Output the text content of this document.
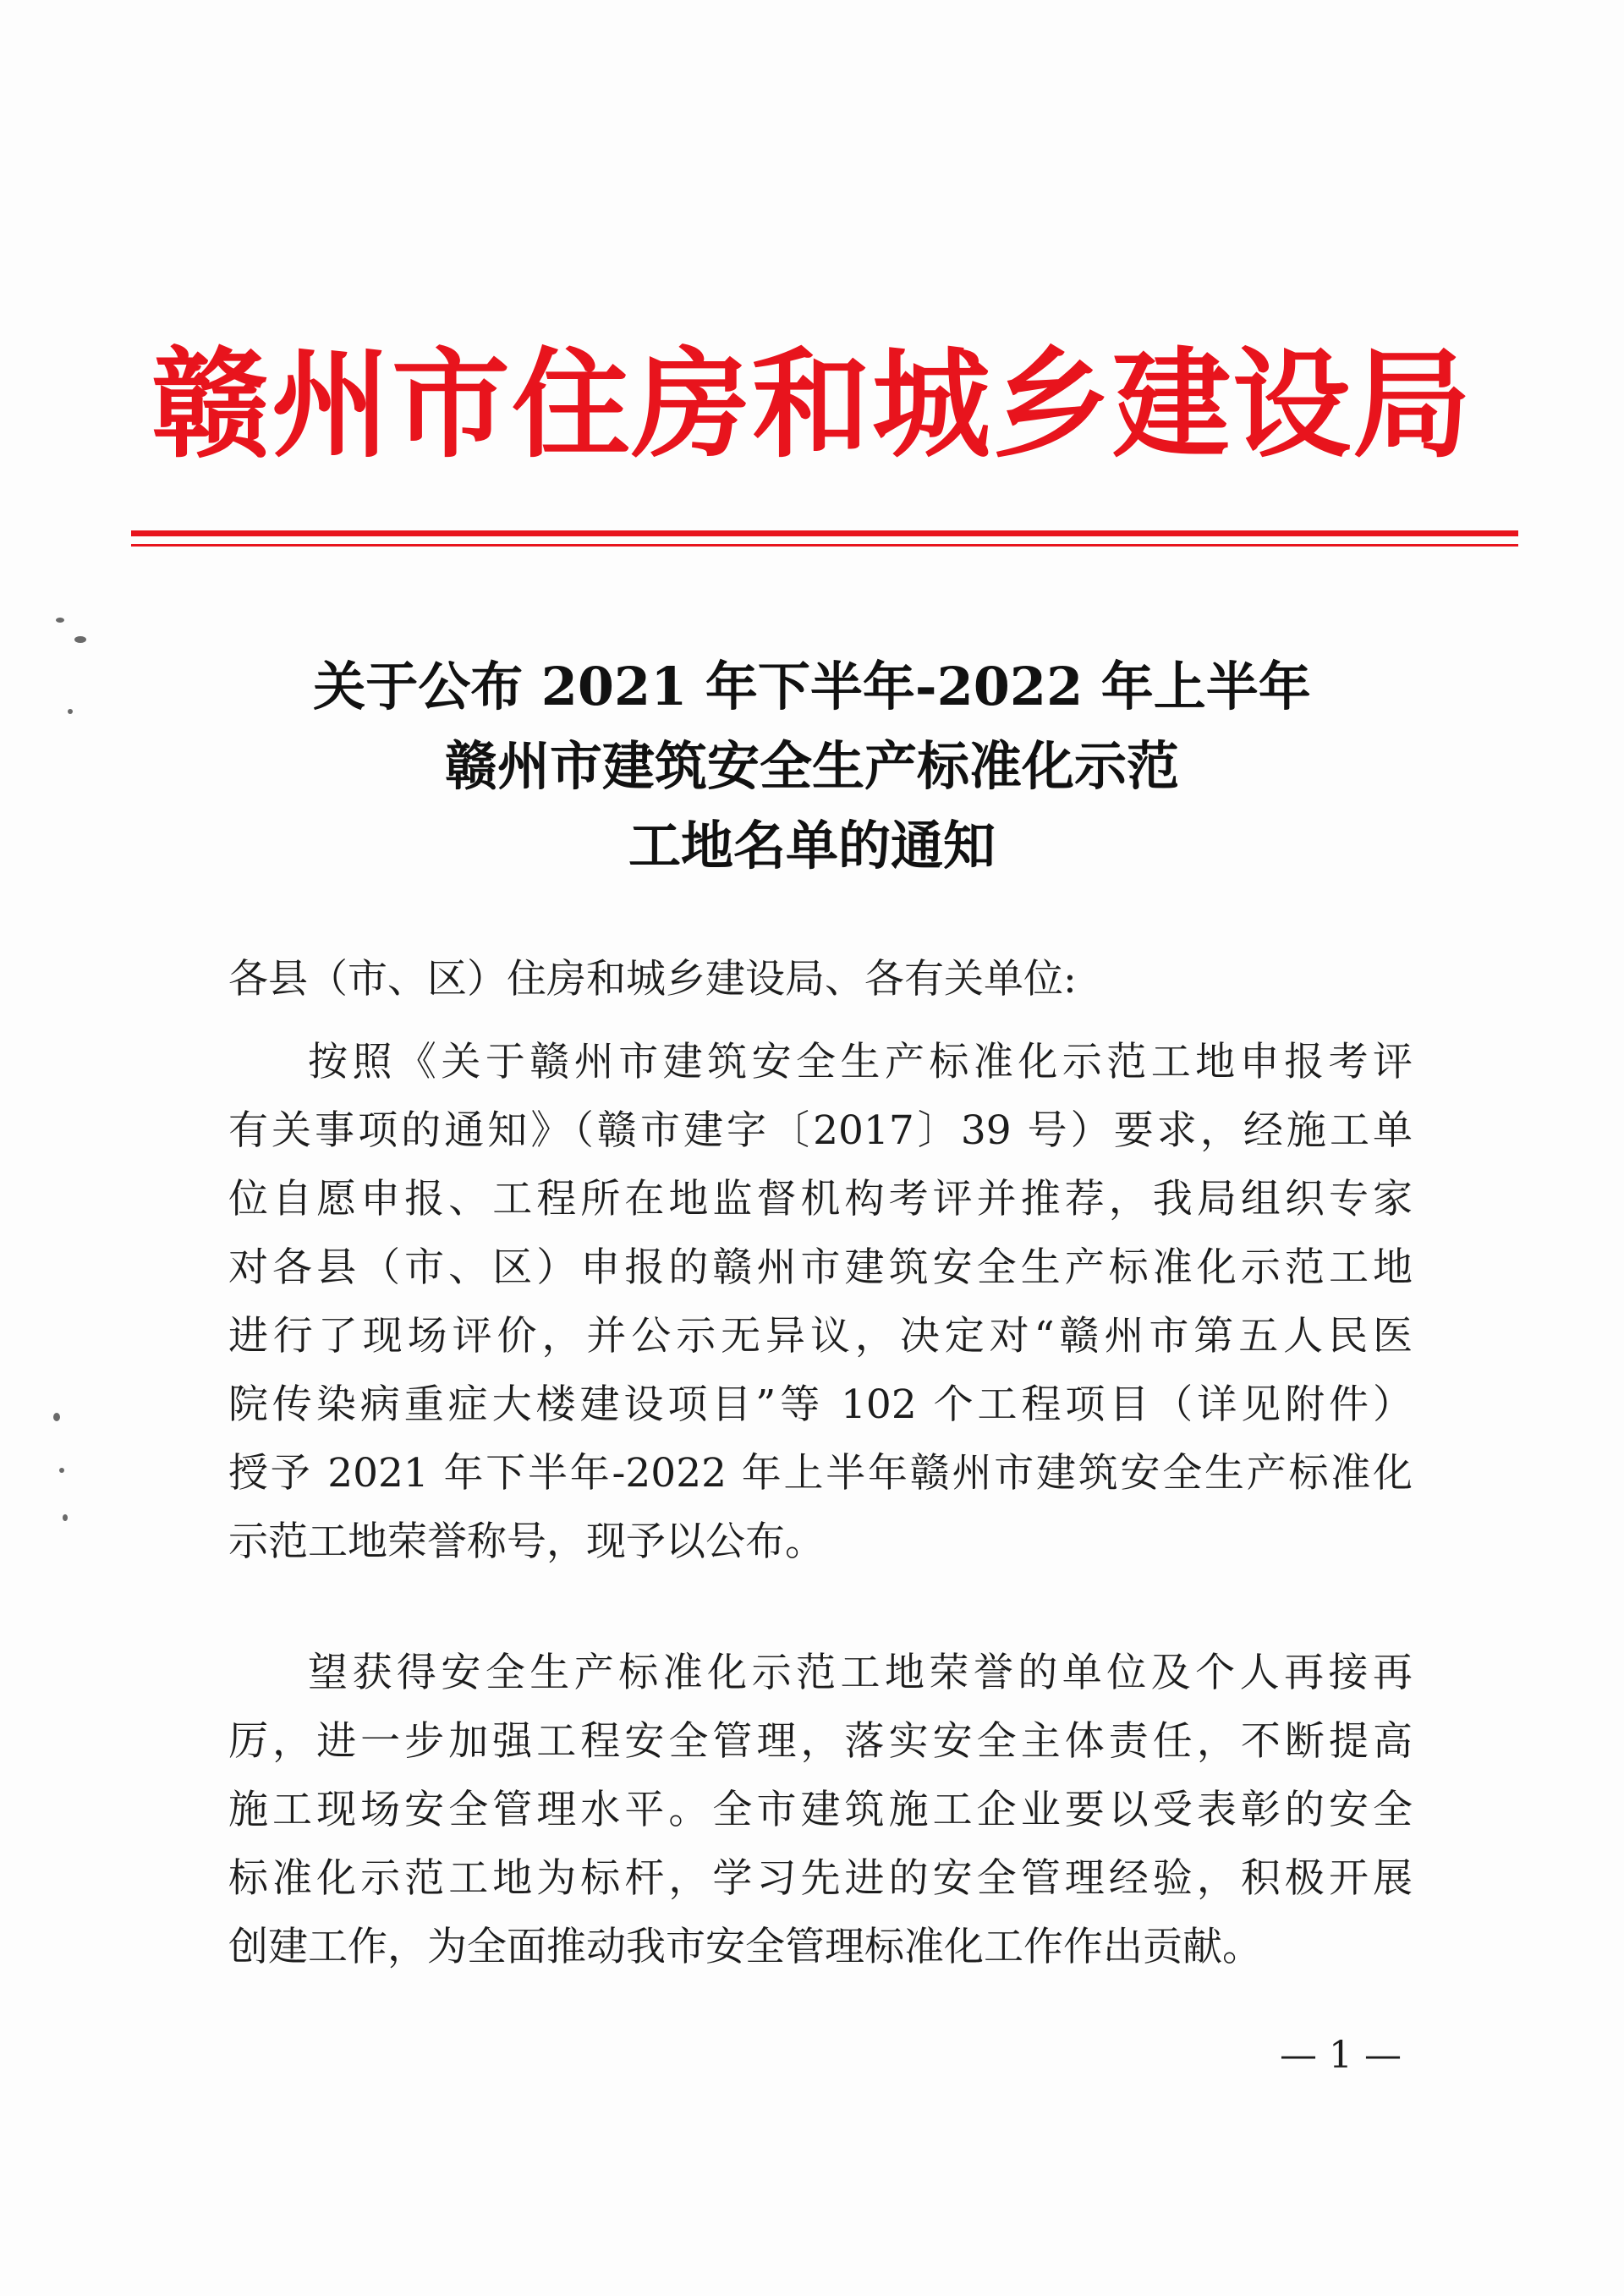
赣州市住房和城乡建设局
关于公布 2021 年下半年-2022 年上半年
赣州市建筑安全生产标准化示范
工地名单的通知
各县（市、区）住房和城乡建设局、各有关单位:
按照《关于赣州市建筑安全生产标准化示范工地申报考评
有关事项的通知》（赣市建字〔2017〕39 号）要求，经施工单
位自愿申报、工程所在地监督机构考评并推荐，我局组织专家
对各县（市、区）申报的赣州市建筑安全生产标准化示范工地
进行了现场评价，并公示无异议，决定对“赣州市第五人民医
院传染病重症大楼建设项目”等 102 个工程项目（详见附件）
授予 2021 年下半年-2022 年上半年赣州市建筑安全生产标准化
示范工地荣誉称号，现予以公布。
望获得安全生产标准化示范工地荣誉的单位及个人再接再
厉，进一步加强工程安全管理，落实安全主体责任，不断提高
施工现场安全管理水平。全市建筑施工企业要以受表彰的安全
标准化示范工地为标杆，学习先进的安全管理经验，积极开展
创建工作，为全面推动我市安全管理标准化工作作出贡献。
— 1 —
